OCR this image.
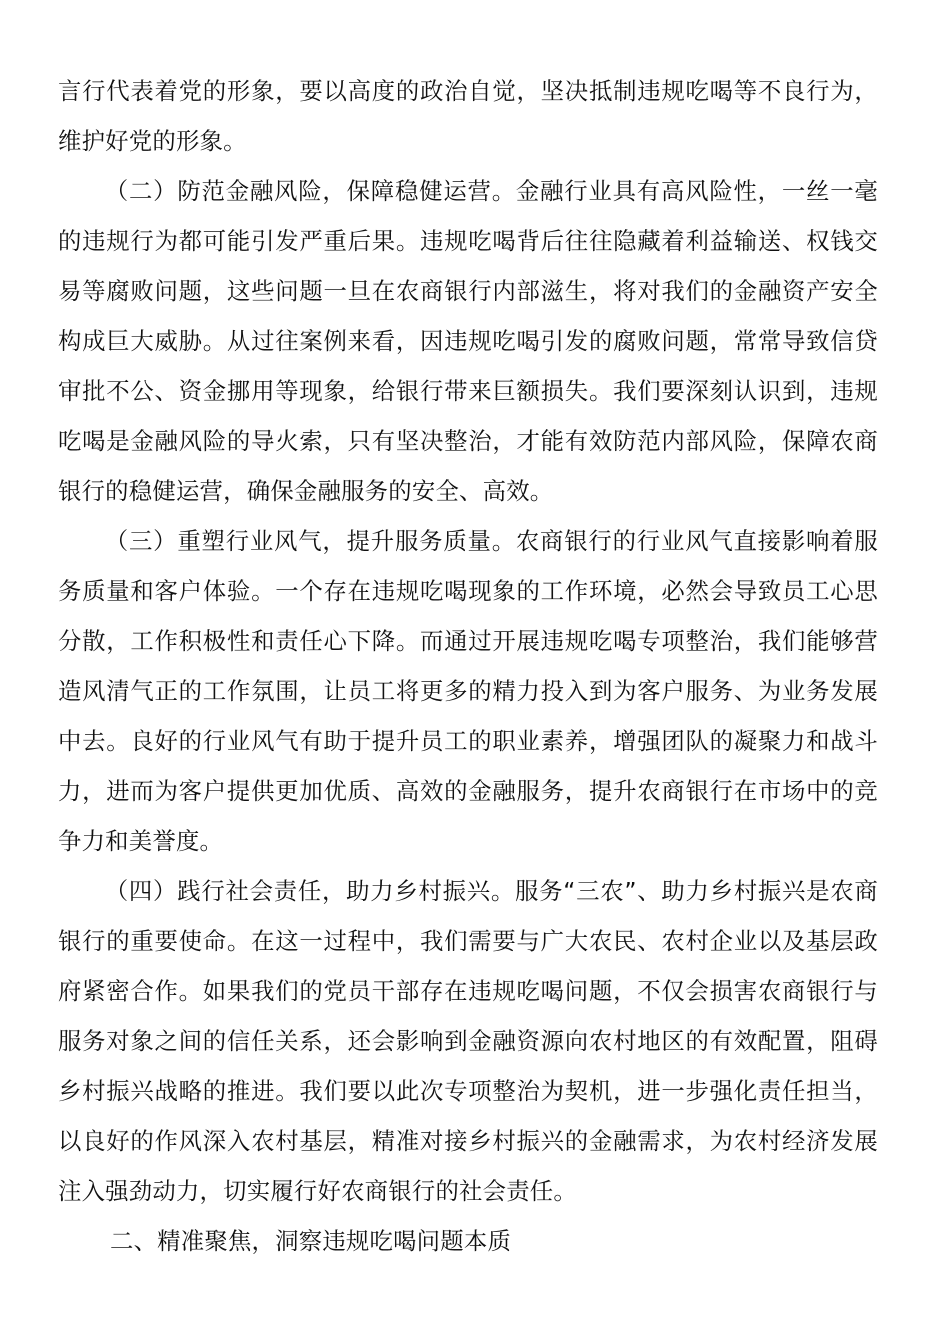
言行代表着党的形象，要以高度的政治自觉，坚决抵制违规吃喝等不良行为，维护好党的形象。

（二）防范金融风险，保障稳健运营。金融行业具有高风险性，一丝一毫的违规行为都可能引发严重后果。违规吃喝背后往往隐藏着利益输送、权钱交易等腐败问题，这些问题一旦在农商银行内部滋生，将对我们的金融资产安全构成巨大威胁。从过往案例来看，因违规吃喝引发的腐败问题，常常导致信贷审批不公、资金挪用等现象，给银行带来巨额损失。我们要深刻认识到，违规吃喝是金融风险的导火索，只有坚决整治，才能有效防范内部风险，保障农商银行的稳健运营，确保金融服务的安全、高效。

（三）重塑行业风气，提升服务质量。农商银行的行业风气直接影响着服务质量和客户体验。一个存在违规吃喝现象的工作环境，必然会导致员工心思分散，工作积极性和责任心下降。而通过开展违规吃喝专项整治，我们能够营造风清气正的工作氛围，让员工将更多的精力投入到为客户服务、为业务发展中去。良好的行业风气有助于提升员工的职业素养，增强团队的凝聚力和战斗力，进而为客户提供更加优质、高效的金融服务，提升农商银行在市场中的竞争力和美誉度。

（四）践行社会责任，助力乡村振兴。服务“三农”、助力乡村振兴是农商银行的重要使命。在这一过程中，我们需要与广大农民、农村企业以及基层政府紧密合作。如果我们的党员干部存在违规吃喝问题，不仅会损害农商银行与服务对象之间的信任关系，还会影响到金融资源向农村地区的有效配置，阻碍乡村振兴战略的推进。我们要以此次专项整治为契机，进一步强化责任担当，以良好的作风深入农村基层，精准对接乡村振兴的金融需求，为农村经济发展注入强劲动力，切实履行好农商银行的社会责任。

二、精准聚焦，洞察违规吃喝问题本质
